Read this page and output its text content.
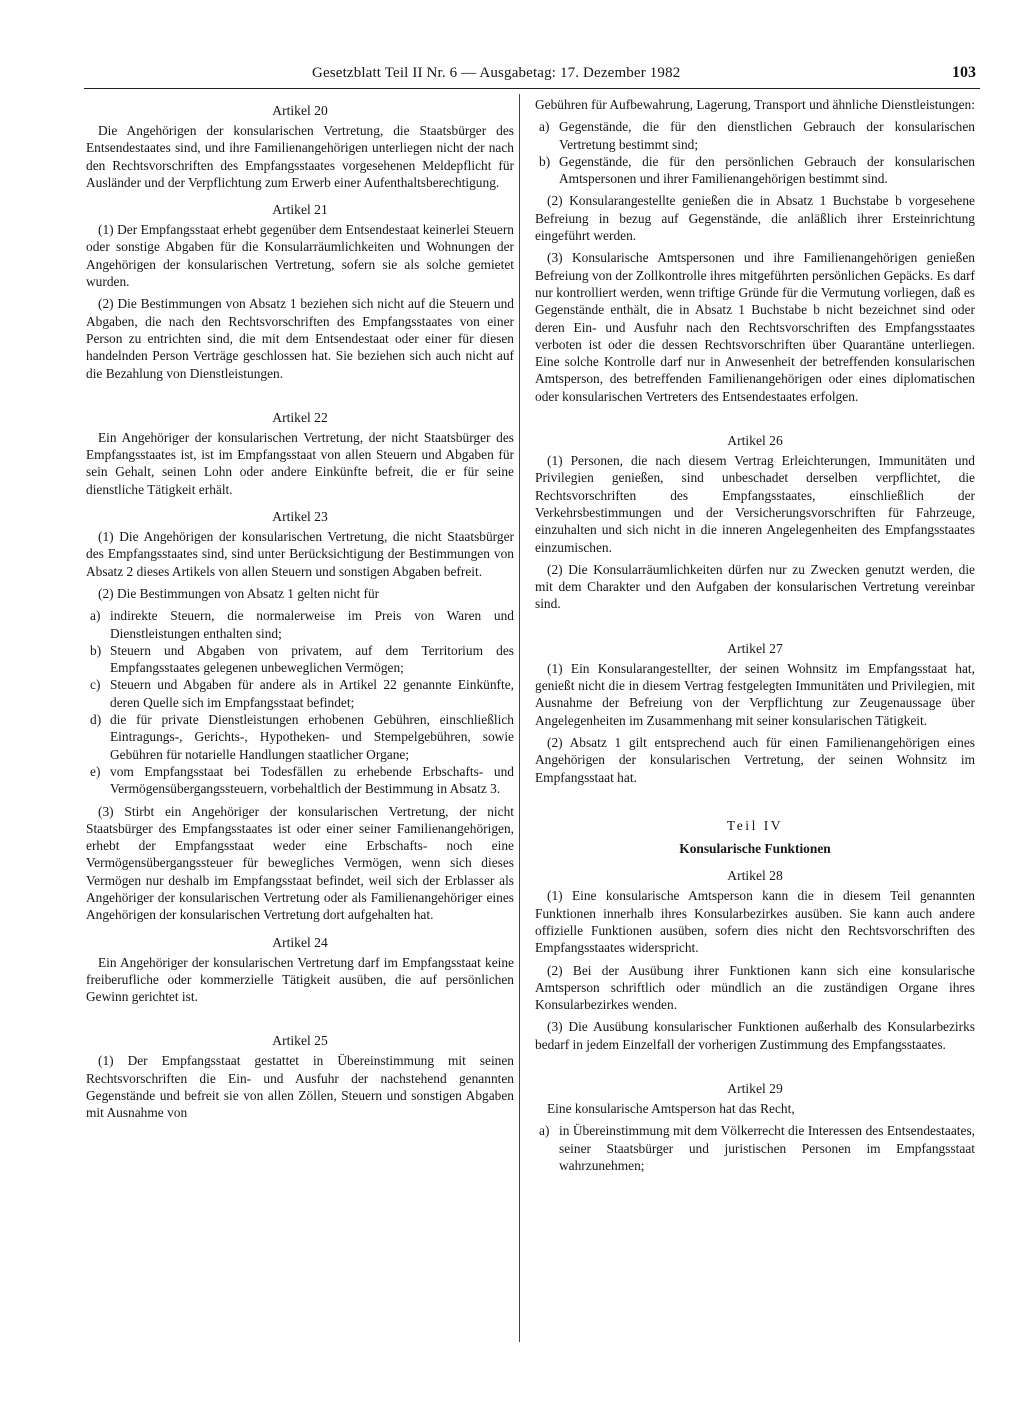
Gesetzblatt Teil II Nr. 6 — Ausgabetag: 17. Dezember 1982	103
Artikel 20

Die Angehörigen der konsularischen Vertretung, die Staatsbürger des Entsendestaates sind, und ihre Familienangehörigen unterliegen nicht der nach den Rechtsvorschriften des Empfangsstaates vorgesehenen Meldepflicht für Ausländer und der Verpflichtung zum Erwerb einer Aufenthaltsberechtigung.

Artikel 21

(1) Der Empfangsstaat erhebt gegenüber dem Entsendestaat keinerlei Steuern oder sonstige Abgaben für die Konsularräumlichkeiten und Wohnungen der Angehörigen der konsularischen Vertretung, sofern sie als solche gemietet wurden.

(2) Die Bestimmungen von Absatz 1 beziehen sich nicht auf die Steuern und Abgaben, die nach den Rechtsvorschriften des Empfangsstaates von einer Person zu entrichten sind, die mit dem Entsendestaat oder einer für diesen handelnden Person Verträge geschlossen hat. Sie beziehen sich auch nicht auf die Bezahlung von Dienstleistungen.

Artikel 22

Ein Angehöriger der konsularischen Vertretung, der nicht Staatsbürger des Empfangsstaates ist, ist im Empfangsstaat von allen Steuern und Abgaben für sein Gehalt, seinen Lohn oder andere Einkünfte befreit, die er für seine dienstliche Tätigkeit erhält.

Artikel 23

(1) Die Angehörigen der konsularischen Vertretung, die nicht Staatsbürger des Empfangsstaates sind, sind unter Berücksichtigung der Bestimmungen von Absatz 2 dieses Artikels von allen Steuern und sonstigen Abgaben befreit.

(2) Die Bestimmungen von Absatz 1 gelten nicht für

a) indirekte Steuern, die normalerweise im Preis von Waren und Dienstleistungen enthalten sind;
b) Steuern und Abgaben von privatem, auf dem Territorium des Empfangsstaates gelegenen unbeweglichen Vermögen;
c) Steuern und Abgaben für andere als in Artikel 22 genannte Einkünfte, deren Quelle sich im Empfangsstaat befindet;
d) die für private Dienstleistungen erhobenen Gebühren, einschließlich Eintragungs-, Gerichts-, Hypotheken- und Stempelgebühren, sowie Gebühren für notarielle Handlungen staatlicher Organe;
e) vom Empfangsstaat bei Todesfällen zu erhebende Erbschafts- und Vermögensübergangssteuern, vorbehaltlich der Bestimmung in Absatz 3.

(3) Stirbt ein Angehöriger der konsularischen Vertretung, der nicht Staatsbürger des Empfangsstaates ist oder einer seiner Familienangehörigen, erhebt der Empfangsstaat weder eine Erbschafts- noch eine Vermögensübergangssteuer für bewegliches Vermögen, wenn sich dieses Vermögen nur deshalb im Empfangsstaat befindet, weil sich der Erblasser als Angehöriger der konsularischen Vertretung oder als Familienangehöriger eines Angehörigen der konsularischen Vertretung dort aufgehalten hat.

Artikel 24

Ein Angehöriger der konsularischen Vertretung darf im Empfangsstaat keine freiberufliche oder kommerzielle Tätigkeit ausüben, die auf persönlichen Gewinn gerichtet ist.

Artikel 25

(1) Der Empfangsstaat gestattet in Übereinstimmung mit seinen Rechtsvorschriften die Ein- und Ausfuhr der nachstehend genannten Gegenstände und befreit sie von allen Zöllen, Steuern und sonstigen Abgaben mit Ausnahme von

Gebühren für Aufbewahrung, Lagerung, Transport und ähnliche Dienstleistungen:

a) Gegenstände, die für den dienstlichen Gebrauch der konsularischen Vertretung bestimmt sind;
b) Gegenstände, die für den persönlichen Gebrauch der konsularischen Amtspersonen und ihrer Familienangehörigen bestimmt sind.

(2) Konsularangestellte genießen die in Absatz 1 Buchstabe b vorgesehene Befreiung in bezug auf Gegenstände, die anläßlich ihrer Ersteinrichtung eingeführt werden.

(3) Konsularische Amtspersonen und ihre Familienangehörigen genießen Befreiung von der Zollkontrolle ihres mitgeführten persönlichen Gepäcks. Es darf nur kontrolliert werden, wenn triftige Gründe für die Vermutung vorliegen, daß es Gegenstände enthält, die in Absatz 1 Buchstabe b nicht bezeichnet sind oder deren Ein- und Ausfuhr nach den Rechtsvorschriften des Empfangsstaates verboten ist oder die dessen Rechtsvorschriften über Quarantäne unterliegen. Eine solche Kontrolle darf nur in Anwesenheit der betreffenden konsularischen Amtsperson, des betreffenden Familienangehörigen oder eines diplomatischen oder konsularischen Vertreters des Entsendestaates erfolgen.

Artikel 26

(1) Personen, die nach diesem Vertrag Erleichterungen, Immunitäten und Privilegien genießen, sind unbeschadet derselben verpflichtet, die Rechtsvorschriften des Empfangsstaates, einschließlich der Verkehrsbestimmungen und der Versicherungsvorschriften für Fahrzeuge, einzuhalten und sich nicht in die inneren Angelegenheiten des Empfangsstaates einzumischen.

(2) Die Konsularräumlichkeiten dürfen nur zu Zwecken genutzt werden, die mit dem Charakter und den Aufgaben der konsularischen Vertretung vereinbar sind.

Artikel 27

(1) Ein Konsularangestellter, der seinen Wohnsitz im Empfangsstaat hat, genießt nicht die in diesem Vertrag festgelegten Immunitäten und Privilegien, mit Ausnahme der Befreiung von der Verpflichtung zur Zeugenaussage über Angelegenheiten im Zusammenhang mit seiner konsularischen Tätigkeit.

(2) Absatz 1 gilt entsprechend auch für einen Familienangehörigen eines Angehörigen der konsularischen Vertretung, der seinen Wohnsitz im Empfangsstaat hat.

Teil IV
Konsularische Funktionen
Artikel 28

(1) Eine konsularische Amtsperson kann die in diesem Teil genannten Funktionen innerhalb ihres Konsularbezirkes ausüben. Sie kann auch andere offizielle Funktionen ausüben, sofern dies nicht den Rechtsvorschriften des Empfangsstaates widerspricht.

(2) Bei der Ausübung ihrer Funktionen kann sich eine konsularische Amtsperson schriftlich oder mündlich an die zuständigen Organe ihres Konsularbezirkes wenden.

(3) Die Ausübung konsularischer Funktionen außerhalb des Konsularbezirks bedarf in jedem Einzelfall der vorherigen Zustimmung des Empfangsstaates.

Artikel 29

Eine konsularische Amtsperson hat das Recht,

a) in Übereinstimmung mit dem Völkerrecht die Interessen des Entsendestaates, seiner Staatsbürger und juristischen Personen im Empfangsstaat wahrzunehmen;
